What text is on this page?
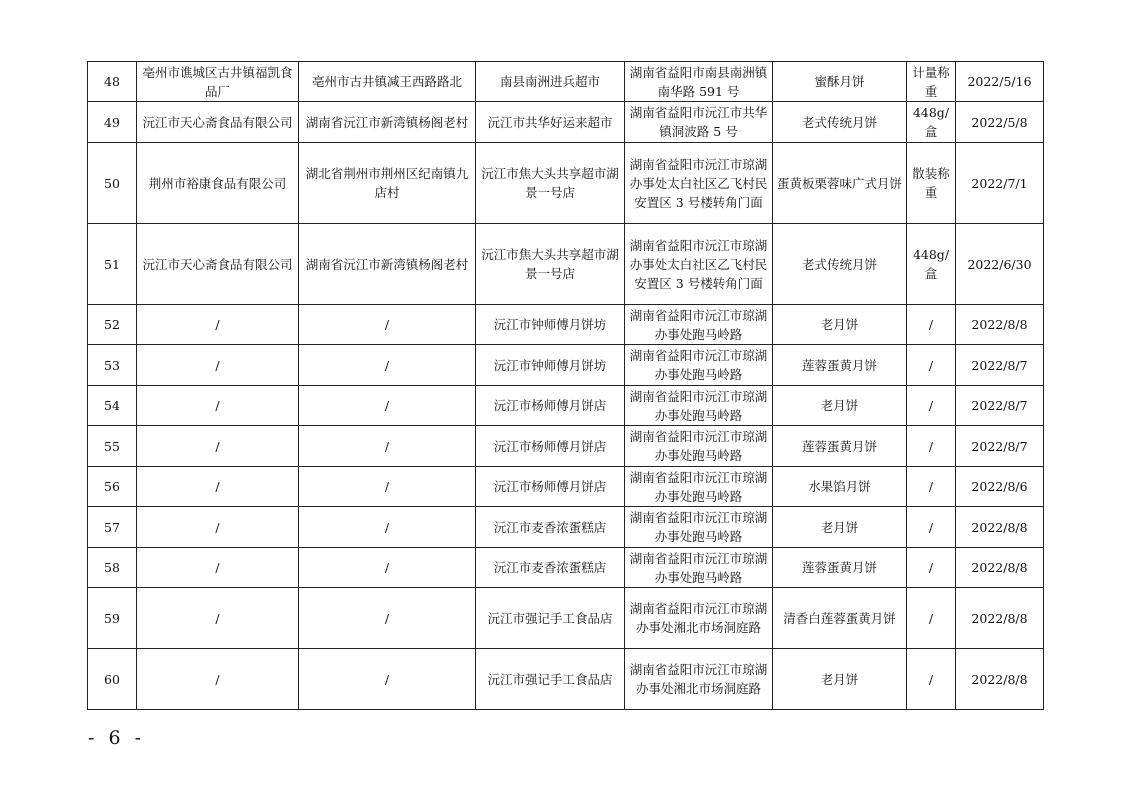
48	亳州市谯城区古井镇福凯食品厂	亳州市古井镇减王西路路北	南县南洲进兵超市	湖南省益阳市南县南洲镇南华路 591 号	蜜酥月饼	计量称重	2022/5/16
49	沅江市天心斋食品有限公司	湖南省沅江市新湾镇杨阁老村	沅江市共华好运来超市	湖南省益阳市沅江市共华镇洞波路 5 号	老式传统月饼	448g/盒	2022/5/8
50	荆州市裕康食品有限公司	湖北省荆州市荆州区纪南镇九店村	沅江市焦大头共享超市湖景一号店	湖南省益阳市沅江市琼湖办事处太白社区乙飞村民安置区 3 号楼转角门面	蛋黄板栗蓉味广式月饼	散装称重	2022/7/1
51	沅江市天心斋食品有限公司	湖南省沅江市新湾镇杨阁老村	沅江市焦大头共享超市湖景一号店	湖南省益阳市沅江市琼湖办事处太白社区乙飞村民安置区 3 号楼转角门面	老式传统月饼	448g/盒	2022/6/30
52	/	/	沅江市钟师傅月饼坊	湖南省益阳市沅江市琼湖办事处跑马岭路	老月饼	/	2022/8/8
53	/	/	沅江市钟师傅月饼坊	湖南省益阳市沅江市琼湖办事处跑马岭路	莲蓉蛋黄月饼	/	2022/8/7
54	/	/	沅江市杨师傅月饼店	湖南省益阳市沅江市琼湖办事处跑马岭路	老月饼	/	2022/8/7
55	/	/	沅江市杨师傅月饼店	湖南省益阳市沅江市琼湖办事处跑马岭路	莲蓉蛋黄月饼	/	2022/8/7
56	/	/	沅江市杨师傅月饼店	湖南省益阳市沅江市琼湖办事处跑马岭路	水果馅月饼	/	2022/8/6
57	/	/	沅江市麦香浓蛋糕店	湖南省益阳市沅江市琼湖办事处跑马岭路	老月饼	/	2022/8/8
58	/	/	沅江市麦香浓蛋糕店	湖南省益阳市沅江市琼湖办事处跑马岭路	莲蓉蛋黄月饼	/	2022/8/8
59	/	/	沅江市强记手工食品店	湖南省益阳市沅江市琼湖办事处湘北市场洞庭路	清香白莲蓉蛋黄月饼	/	2022/8/8
60	/	/	沅江市强记手工食品店	湖南省益阳市沅江市琼湖办事处湘北市场洞庭路	老月饼	/	2022/8/8
- 6 -
